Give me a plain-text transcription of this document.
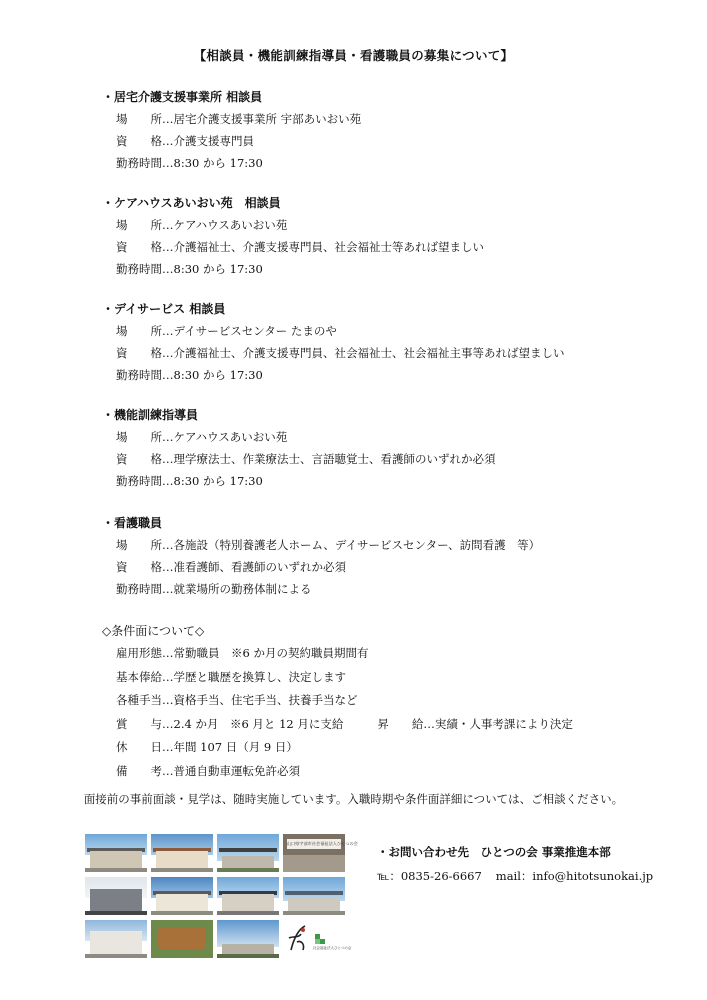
【相談員・機能訓練指導員・看護職員の募集について】
・居宅介護支援事業所 相談員
場　　所…居宅介護支援事業所 宇部あいおい苑
資　　格…介護支援専門員
勤務時間…8:30 から 17:30
・ケアハウスあいおい苑　相談員
場　　所…ケアハウスあいおい苑
資　　格…介護福祉士、介護支援専門員、社会福祉士等あれば望ましい
勤務時間…8:30 から 17:30
・デイサービス 相談員
場　　所…デイサービスセンター たまのや
資　　格…介護福祉士、介護支援専門員、社会福祉士、社会福祉主事等あれば望ましい
勤務時間…8:30 から 17:30
・機能訓練指導員
場　　所…ケアハウスあいおい苑
資　　格…理学療法士、作業療法士、言語聴覚士、看護師のいずれか必須
勤務時間…8:30 から 17:30
・看護職員
場　　所…各施設（特別養護老人ホーム、デイサービスセンター、訪問看護　等）
資　　格…准看護師、看護師のいずれか必須
勤務時間…就業場所の勤務体制による
◇条件面について◇
雇用形態…常勤職員　※6 か月の契約職員期間有
基本俸給…学歴と職歴を換算し、決定します
各種手当…資格手当、住宅手当、扶養手当など
賞　　与…2.4 か月　※6 月と 12 月に支給	昇　　給…実績・人事考課により決定
休　　日…年間 107 日（月 9 日）
備　　考…普通自動車運転免許必須
面接前の事前面談・見学は、随時実施しています。入職時期や条件面詳細については、ご相談ください。
山口県宇部市社会福祉法人ひとつの会
社会福祉法人ひとつの会
・お問い合わせ先　ひとつの会 事業推進本部
℡：0835-26-6667 mail：info@hitotsunokai.jp
